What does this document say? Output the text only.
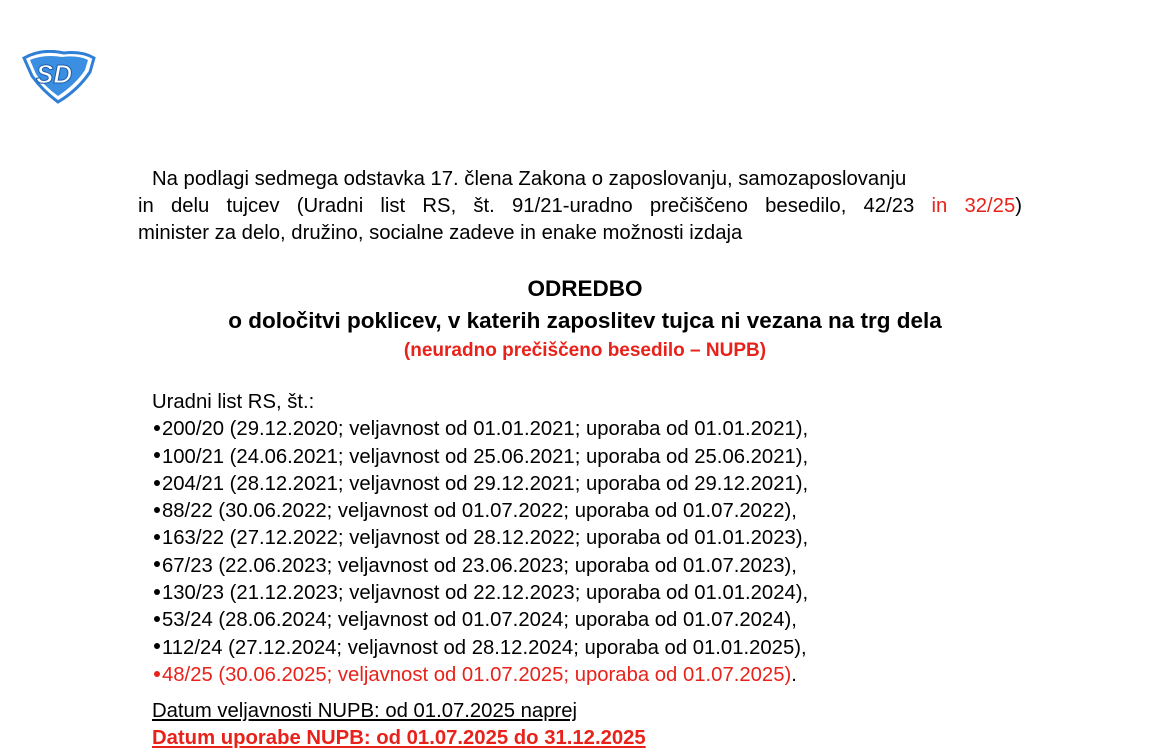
SD
Na podlagi sedmega odstavka 17. člena Zakona o zaposlovanju, samozaposlovanju
in delu tujcev (Uradni list RS, št. 91/21-uradno prečiščeno besedilo, 42/23 in 32/25)
minister za delo, družino, socialne zadeve in enake možnosti izdaja
ODREDBO
o določitvi poklicev, v katerih zaposlitev tujca ni vezana na trg dela
(neuradno prečiščeno besedilo – NUPB)
Uradni list RS, št.:
200/20 (29.12.2020; veljavnost od 01.01.2021; uporaba od 01.01.2021),
100/21 (24.06.2021; veljavnost od 25.06.2021; uporaba od 25.06.2021),
204/21 (28.12.2021; veljavnost od 29.12.2021; uporaba od 29.12.2021),
88/22 (30.06.2022; veljavnost od 01.07.2022; uporaba od 01.07.2022),
163/22 (27.12.2022; veljavnost od 28.12.2022; uporaba od 01.01.2023),
67/23 (22.06.2023; veljavnost od 23.06.2023; uporaba od 01.07.2023),
130/23 (21.12.2023; veljavnost od 22.12.2023; uporaba od 01.01.2024),
53/24 (28.06.2024; veljavnost od 01.07.2024; uporaba od 01.07.2024),
112/24 (27.12.2024; veljavnost od 28.12.2024; uporaba od 01.01.2025),
48/25 (30.06.2025; veljavnost od 01.07.2025; uporaba od 01.07.2025).
Datum veljavnosti NUPB: od 01.07.2025 naprej
Datum uporabe NUPB: od 01.07.2025 do 31.12.2025
